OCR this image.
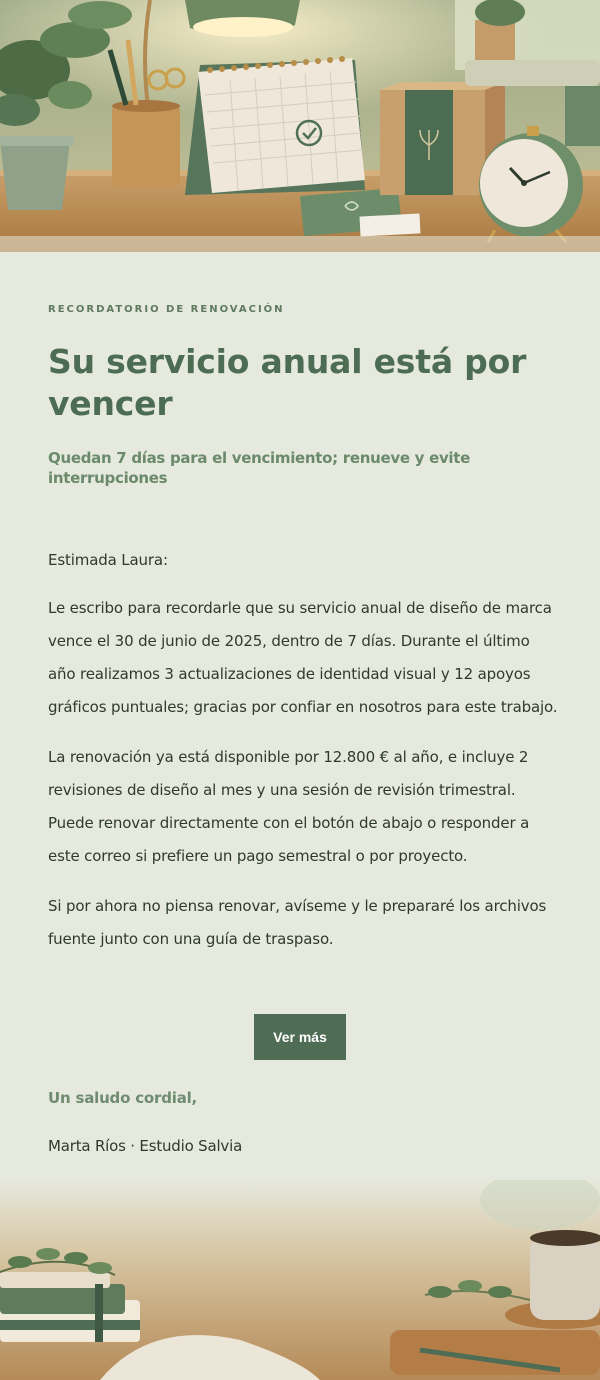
RECORDATORIO DE RENOVACIÓN
Su servicio anual está por vencer
Quedan 7 días para el vencimiento; renueve y evite interrupciones

Estimada Laura:

Le escribo para recordarle que su servicio anual de diseño de marca vence el 30 de junio de 2025, dentro de 7 días. Durante el último año realizamos 3 actualizaciones de identidad visual y 12 apoyos gráficos puntuales; gracias por confiar en nosotros para este trabajo.

La renovación ya está disponible por 12.800 € al año, e incluye 2 revisiones de diseño al mes y una sesión de revisión trimestral. Puede renovar directamente con el botón de abajo o responder a este correo si prefiere un pago semestral o por proyecto.

Si por ahora no piensa renovar, avíseme y le prepararé los archivos fuente junto con una guía de traspaso.

Ver más
Un saludo cordial,
Marta Ríos · Estudio Salvia
